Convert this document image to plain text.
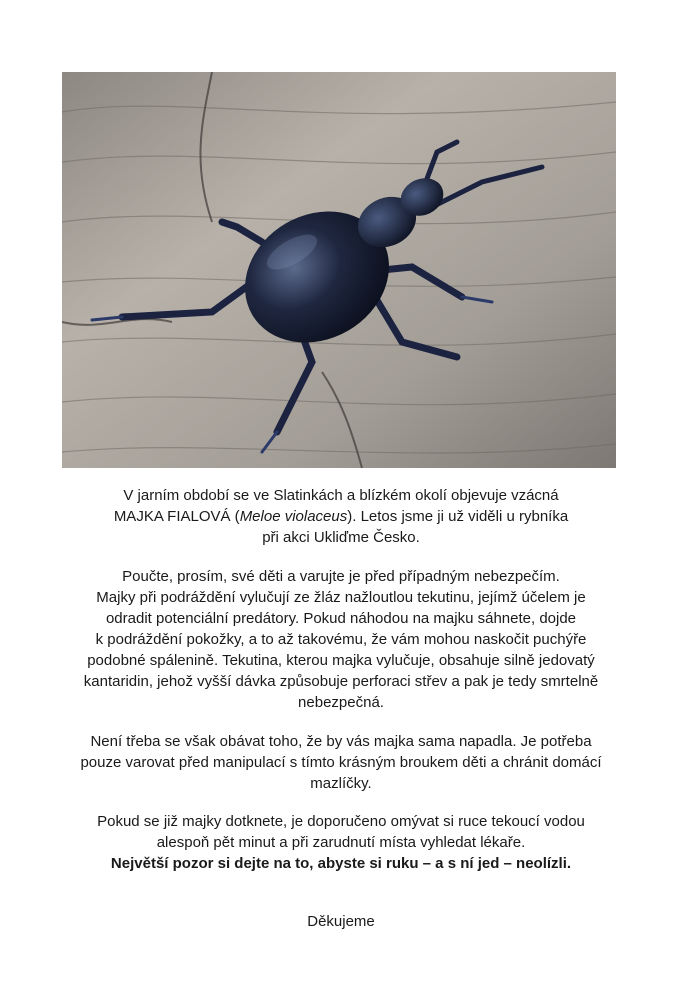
V jarním období se ve Slatinkách a blízkém okolí objevuje vzácná

MAJKA FIALOVÁ (Meloe violaceus). Letos jsme ji už viděli u rybníka

při akci Ukliďme Česko.

Poučte, prosím, své děti a varujte je před případným nebezpečím.

Majky při podráždění vylučují ze žláz nažloutlou tekutinu, jejímž účelem je

odradit potenciální predátory. Pokud náhodou na majku sáhnete, dojde

k podráždění pokožky, a to až takovému, že vám mohou naskočit puchýře

podobné spálenině. Tekutina, kterou majka vylučuje, obsahuje silně jedovatý

kantaridin, jehož vyšší dávka způsobuje perforaci střev a pak je tedy smrtelně

nebezpečná.

Není třeba se však obávat toho, že by vás majka sama napadla. Je potřeba

pouze varovat před manipulací s tímto krásným broukem děti a chránit domácí

mazlíčky.

Pokud se již majky dotknete, je doporučeno omývat si ruce tekoucí vodou

alespoň pět minut a při zarudnutí místa vyhledat lékaře.

Největší pozor si dejte na to, abyste si ruku – a s ní jed – neolízli.

Děkujeme
